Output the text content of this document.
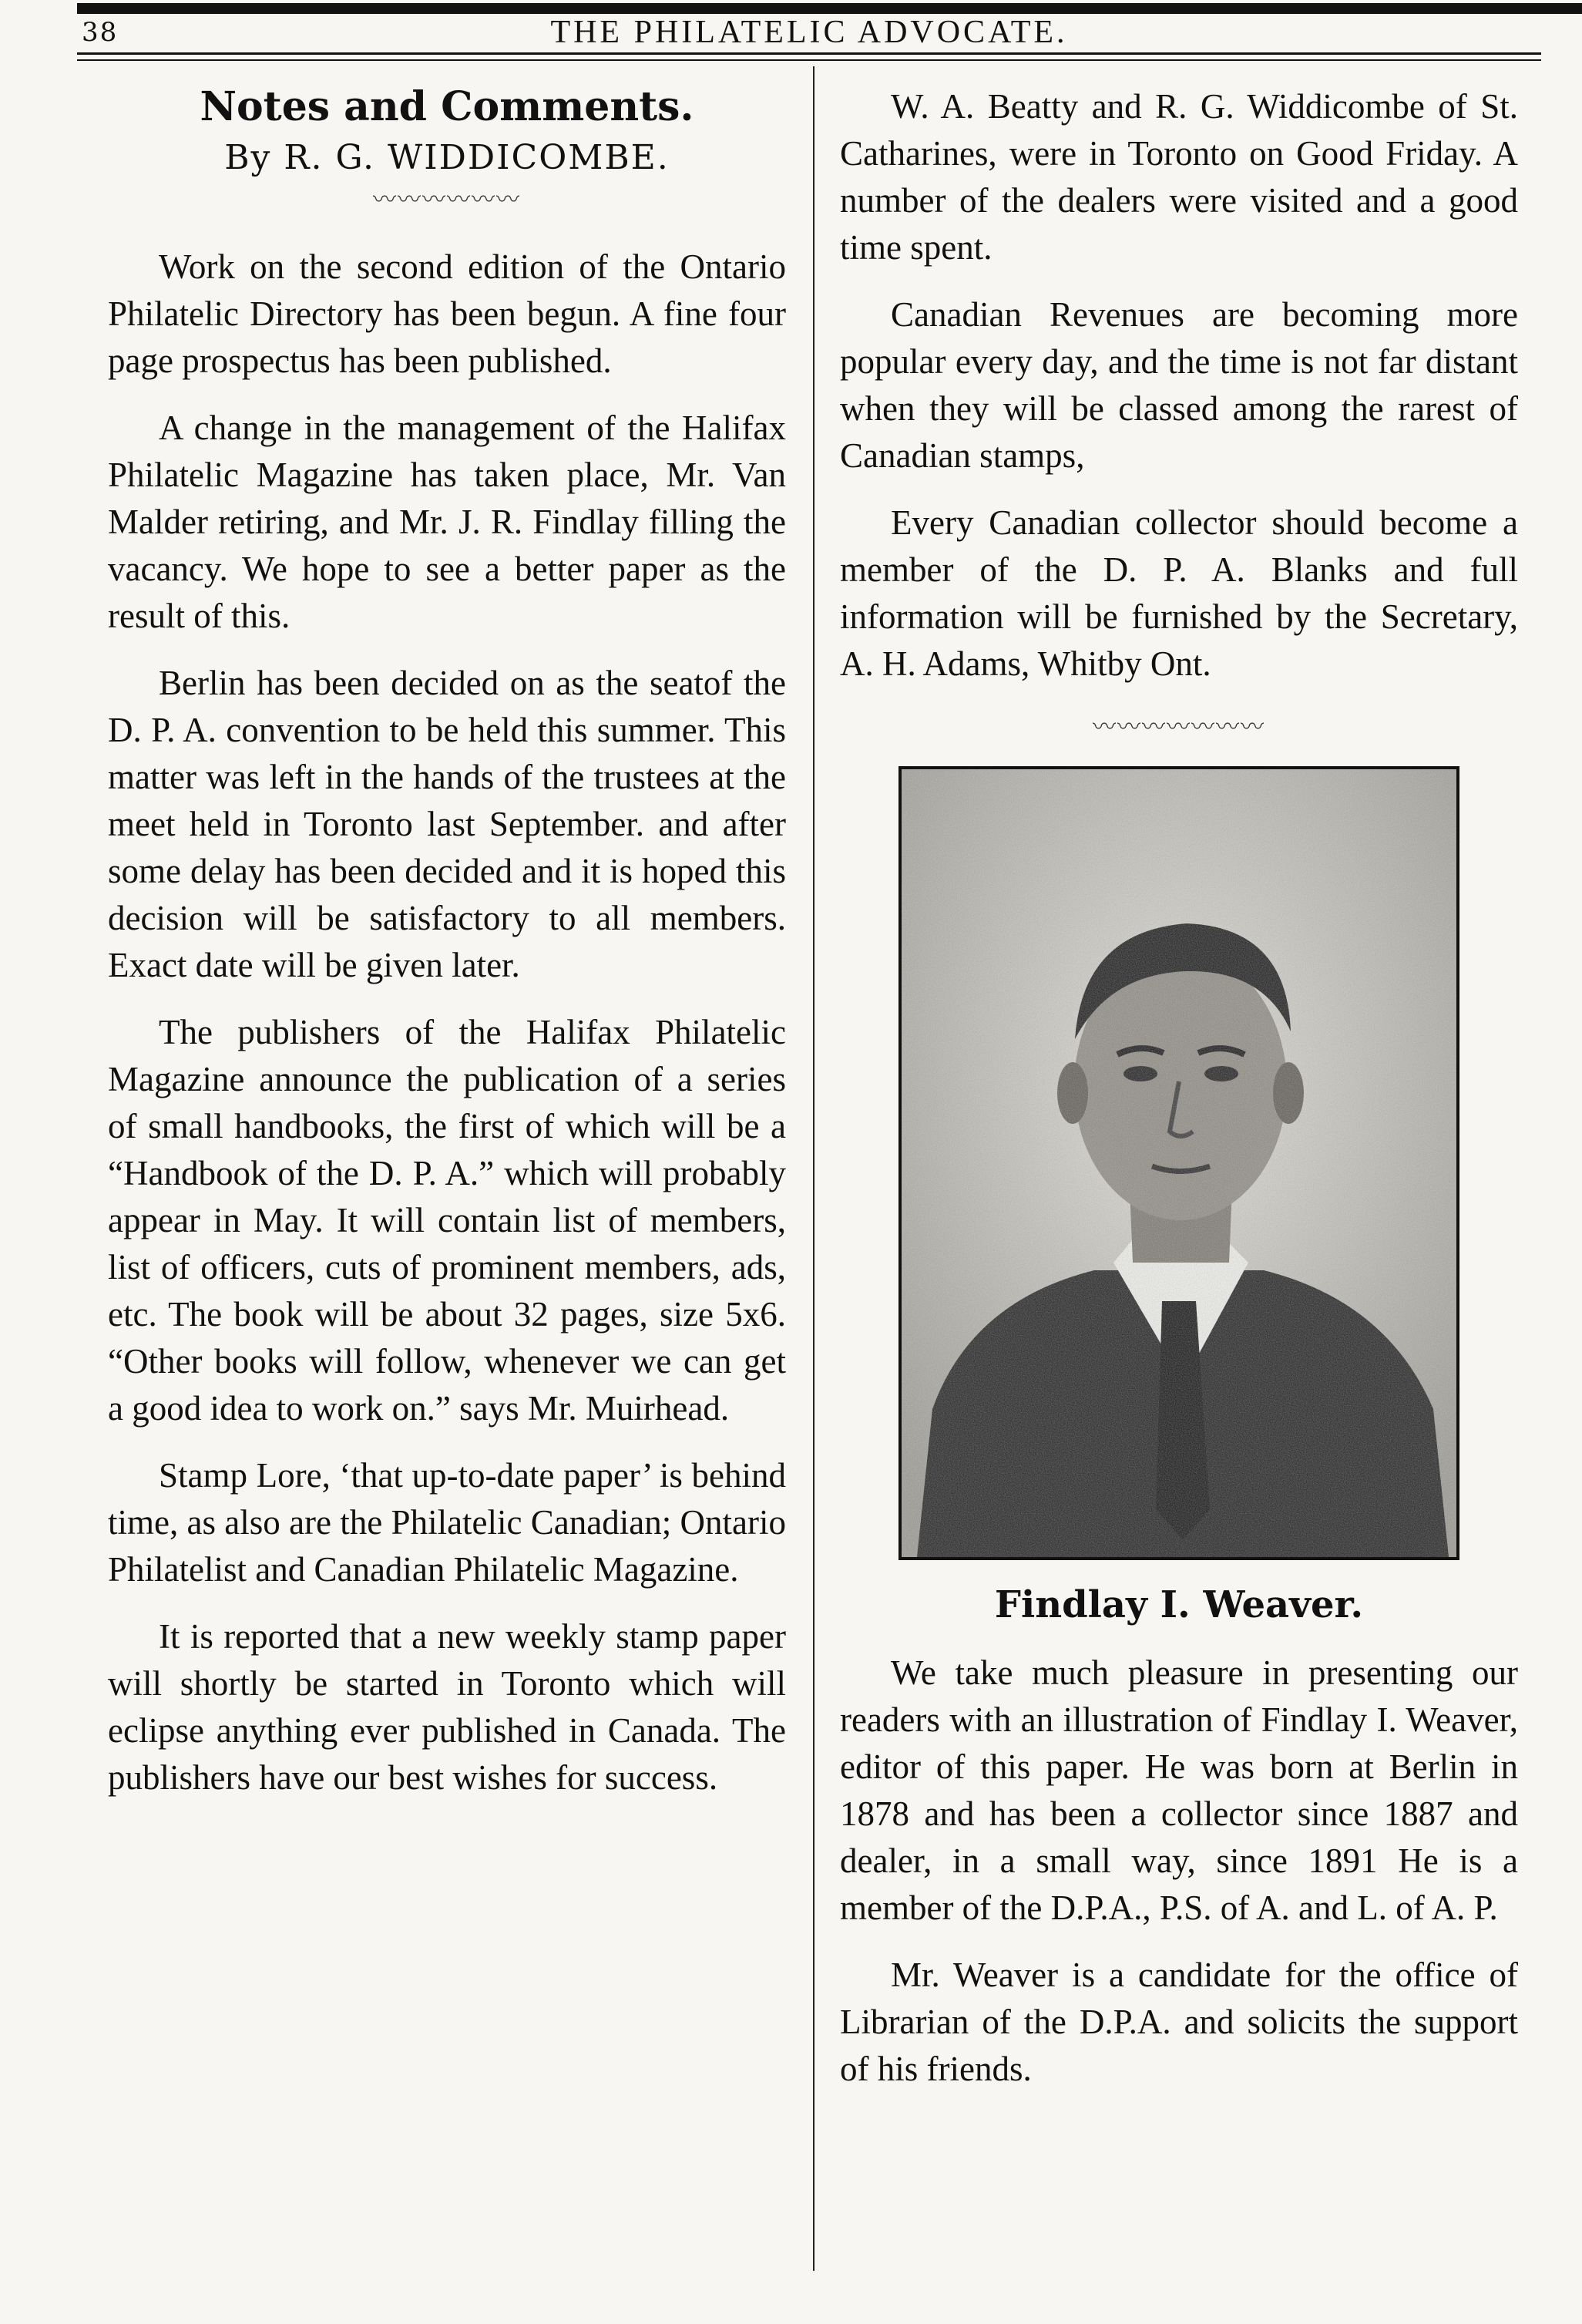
38	THE PHILATELIC ADVOCATE.
Notes and Comments.
By R. G. WIDDICOMBE.
〰〰〰〰〰〰

Work on the second edition of the Ontario Philatelic Directory has been begun. A fine four page prospectus has been published.

A change in the management of the Halifax Philatelic Magazine has taken place, Mr. Van Malder retiring, and Mr. J. R. Findlay filling the vacancy. We hope to see a better paper as the result of this.

Berlin has been decided on as the seatof the D. P. A. convention to be held this summer. This matter was left in the hands of the trustees at the meet held in Toronto last September. and after some delay has been decided and it is hoped this decision will be satisfactory to all members. Exact date will be given later.

The publishers of the Halifax Philatelic Magazine announce the publication of a series of small handbooks, the first of which will be a “Handbook of the D. P. A.” which will probably appear in May. It will contain list of members, list of officers, cuts of prominent members, ads, etc. The book will be about 32 pages, size 5x6. “Other books will follow, whenever we can get a good idea to work on.” says Mr. Muirhead.

Stamp Lore, ‘that up-to-date paper’ is behind time, as also are the Philatelic Canadian; Ontario Philatelist and Canadian Philatelic Magazine.

It is reported that a new weekly stamp paper will shortly be started in Toronto which will eclipse anything ever published in Canada. The publishers have our best wishes for success.

W. A. Beatty and R. G. Widdicombe of St. Catharines, were in Toronto on Good Friday. A number of the dealers were visited and a good time spent.

Canadian Revenues are becoming more popular every day, and the time is not far distant when they will be classed among the rarest of Canadian stamps,

Every Canadian collector should become a member of the D. P. A. Blanks and full information will be furnished by the Secretary, A. H. Adams, Whitby Ont.

〰〰〰〰〰〰〰
Findlay I. Weaver.

We take much pleasure in presenting our readers with an illustration of Findlay I. Weaver, editor of this paper. He was born at Berlin in 1878 and has been a collector since 1887 and dealer, in a small way, since 1891 He is a member of the D.P.A., P.S. of A. and L. of A. P.

Mr. Weaver is a candidate for the office of Librarian of the D.P.A. and solicits the support of his friends.
